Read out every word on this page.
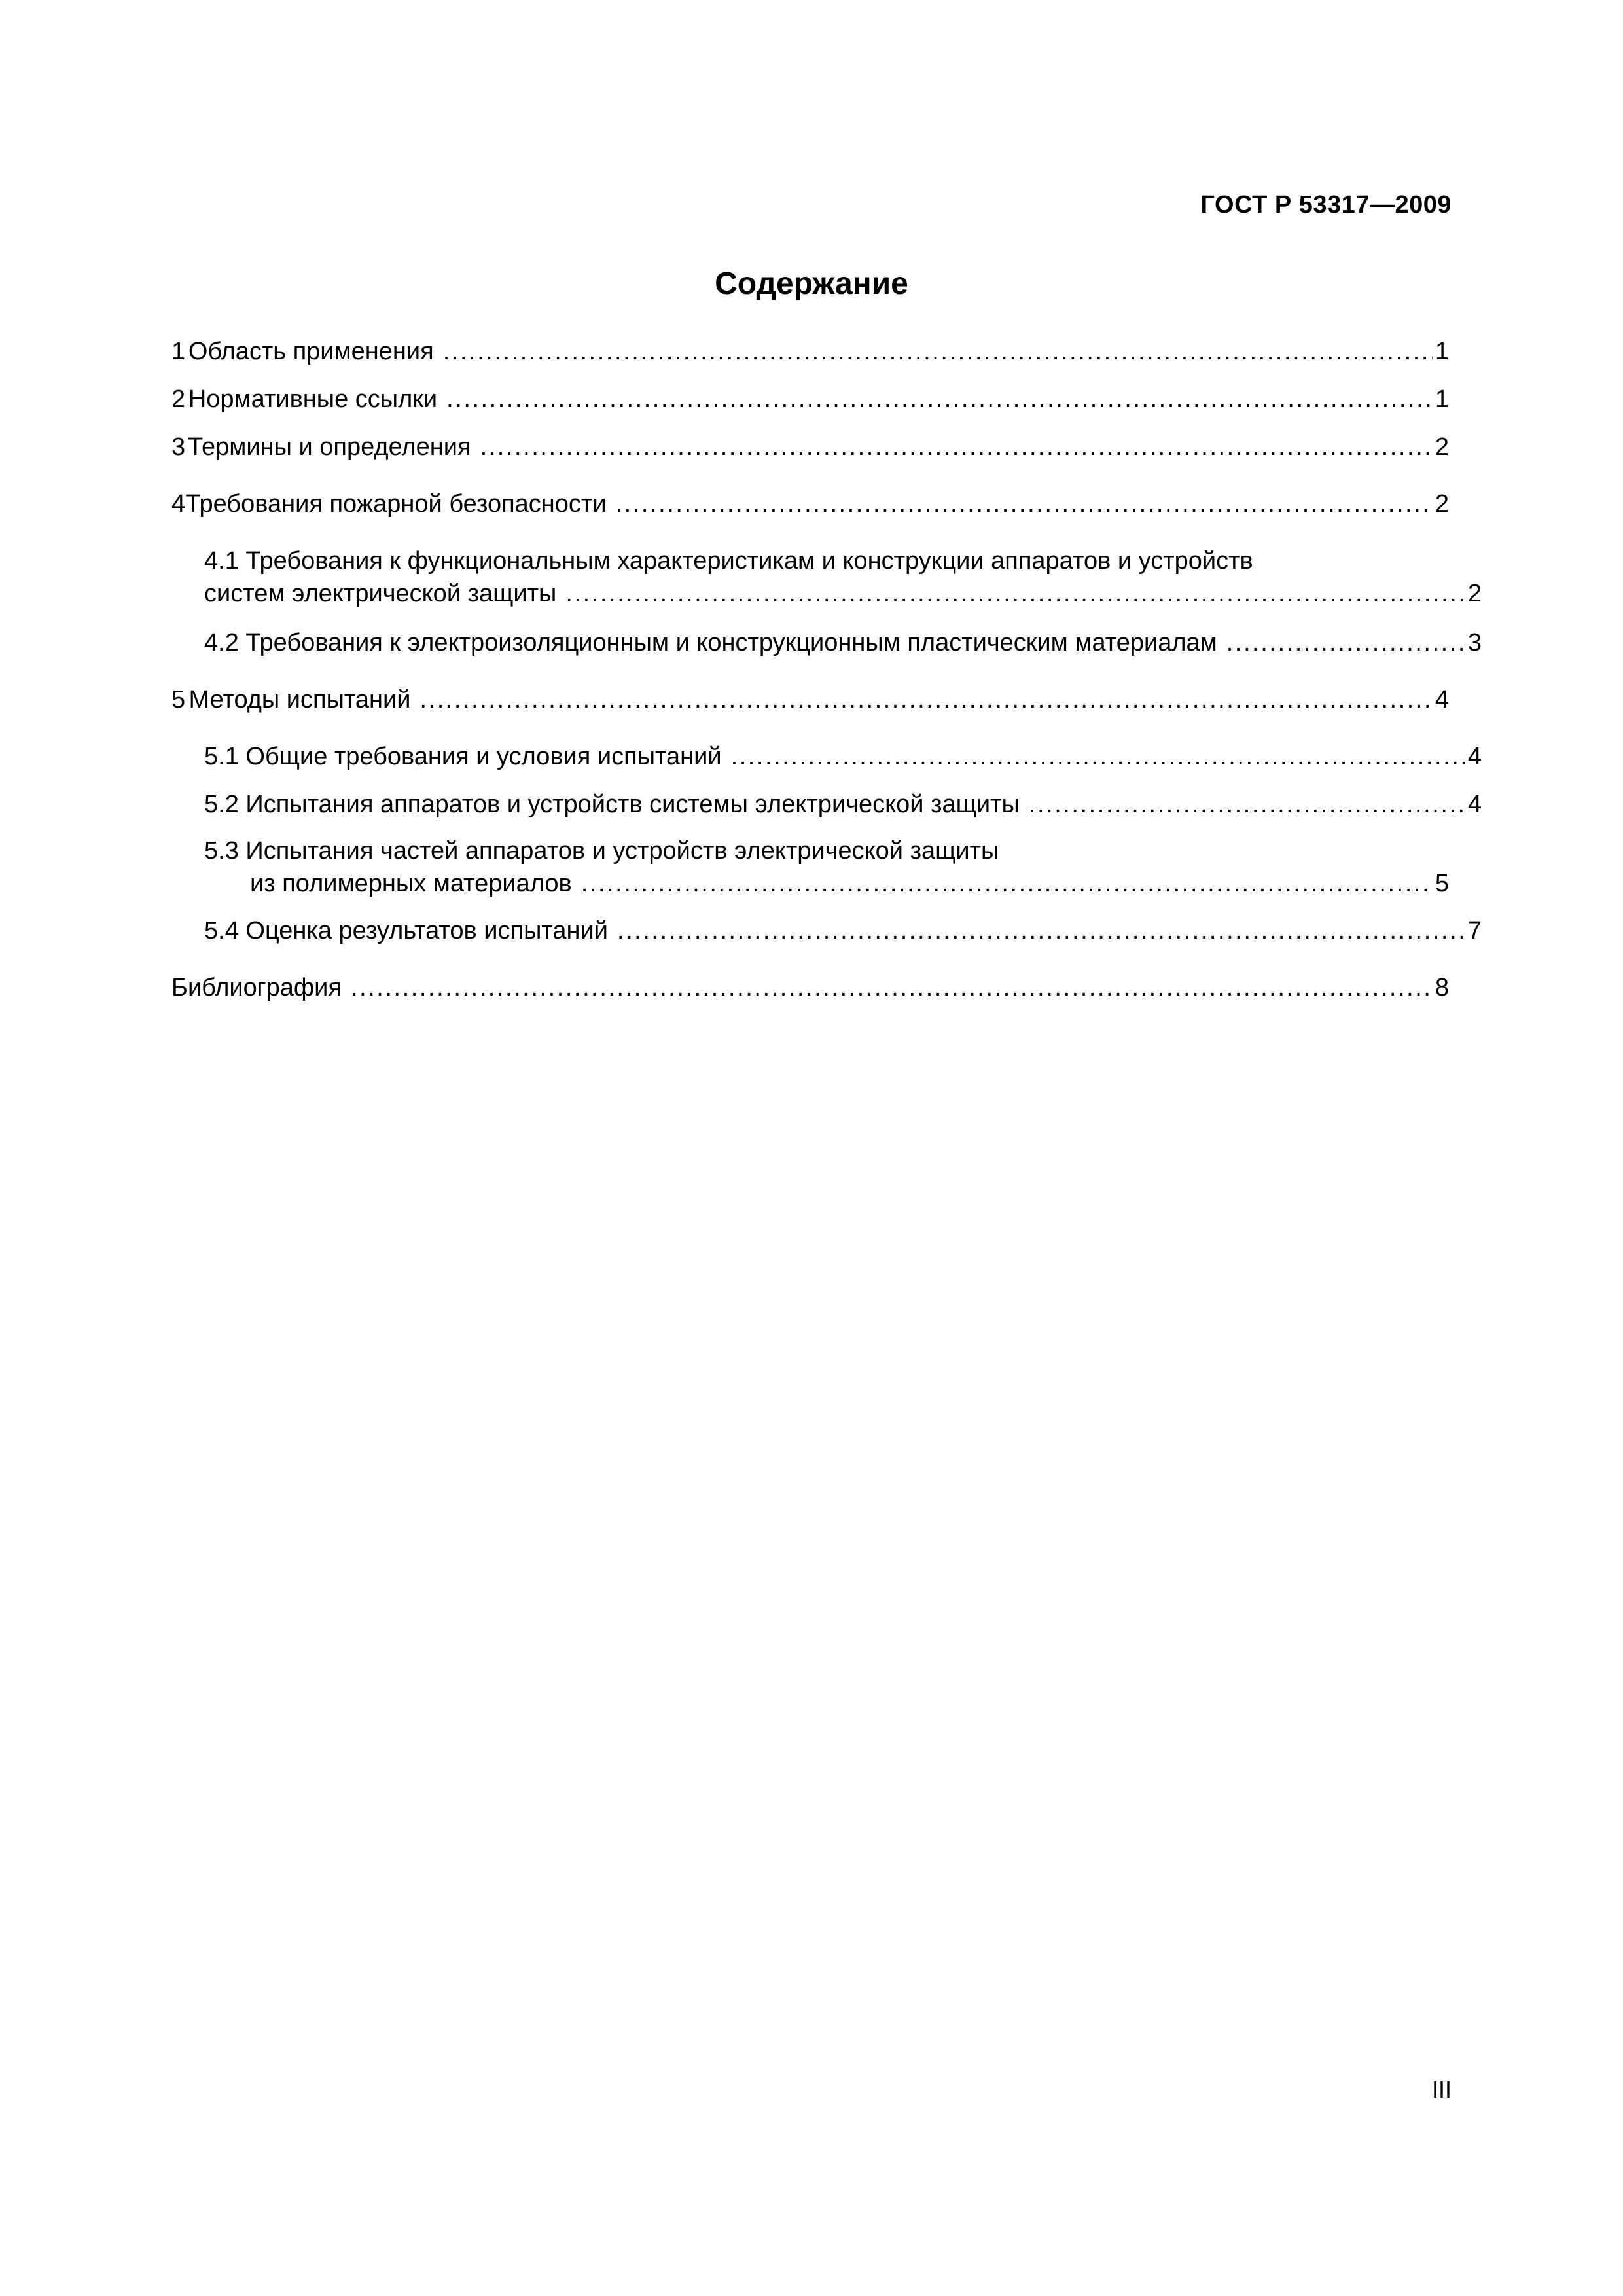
ГОСТ Р 53317—2009
Содержание
1 Область применения . . .	1
2 Нормативные ссылки . . .	1
3 Термины и определения . . .	2
4 Требования пожарной безопасности . . .	2
4.1 Требования к функциональным характеристикам и конструкции аппаратов и устройств
систем электрической защиты . . .	2
4.2 Требования к электроизоляционным и конструкционным пластическим материалам . . .	3
5 Методы испытаний . . .	4
5.1 Общие требования и условия испытаний . . .	4
5.2 Испытания аппаратов и устройств системы электрической защиты . . .	4
5.3 Испытания частей аппаратов и устройств электрической защиты
из полимерных материалов . . .	5
5.4 Оценка результатов испытаний . . .	7
Библиография . . .	8
III
